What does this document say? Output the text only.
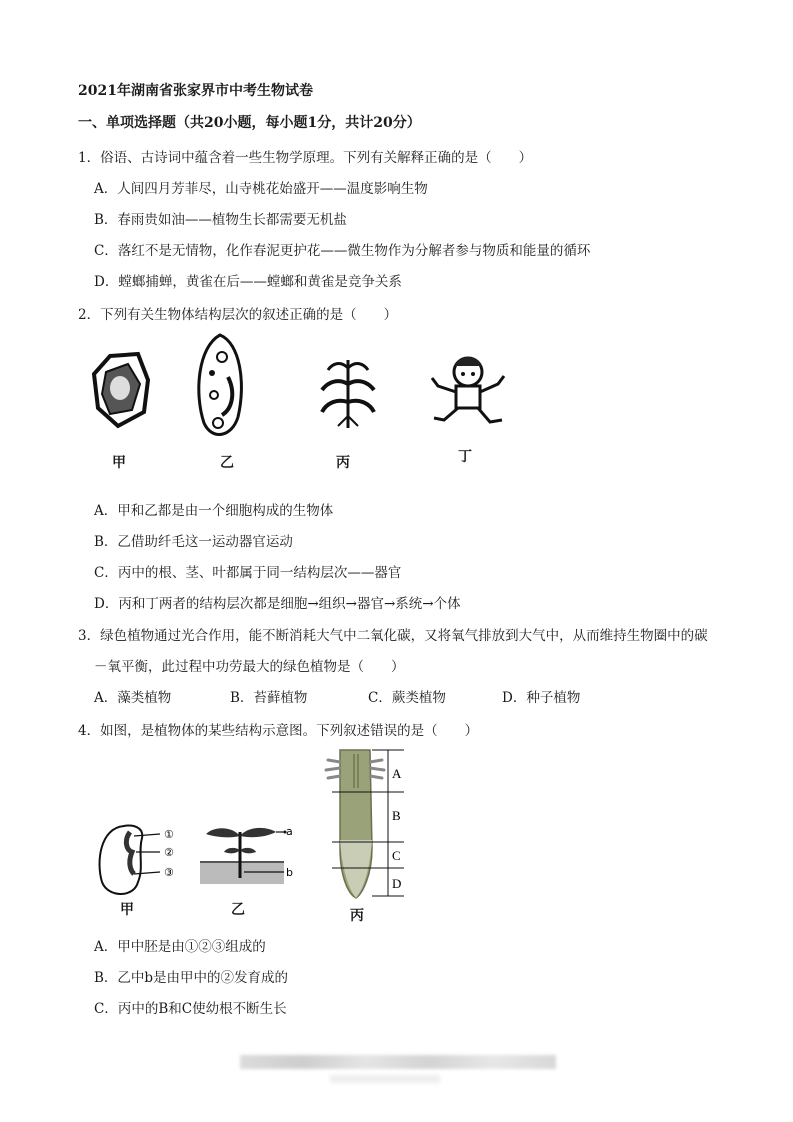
2021年湖南省张家界市中考生物试卷
一、单项选择题（共20小题，每小题1分，共计20分）
1．俗语、古诗词中蕴含着一些生物学原理。下列有关解释正确的是（　　）
A．人间四月芳菲尽，山寺桃花始盛开——温度影响生物
B．春雨贵如油——植物生长都需要无机盐
C．落红不是无情物，化作春泥更护花——微生物作为分解者参与物质和能量的循环
D．螳螂捕蝉，黄雀在后——螳螂和黄雀是竞争关系
2．下列有关生物体结构层次的叙述正确的是（　　）
甲	乙	丙	丁
A．甲和乙都是由一个细胞构成的生物体
B．乙借助纤毛这一运动器官运动
C．丙中的根、茎、叶都属于同一结构层次——器官
D．丙和丁两者的结构层次都是细胞→组织→器官→系统→个体
3．绿色植物通过光合作用，能不断消耗大气中二氧化碳，又将氧气排放到大气中，从而维持生物圈中的碳
－氧平衡，此过程中功劳最大的绿色植物是（　　）
A．藻类植物	B．苔藓植物	C．蕨类植物	D．种子植物
4．如图，是植物体的某些结构示意图。下列叙述错误的是（　　）
①
②
③
甲
a
b
乙
A
B
C
D
丙
A．甲中胚是由①②③组成的
B．乙中b是由甲中的②发育成的
C．丙中的B和C使幼根不断生长
